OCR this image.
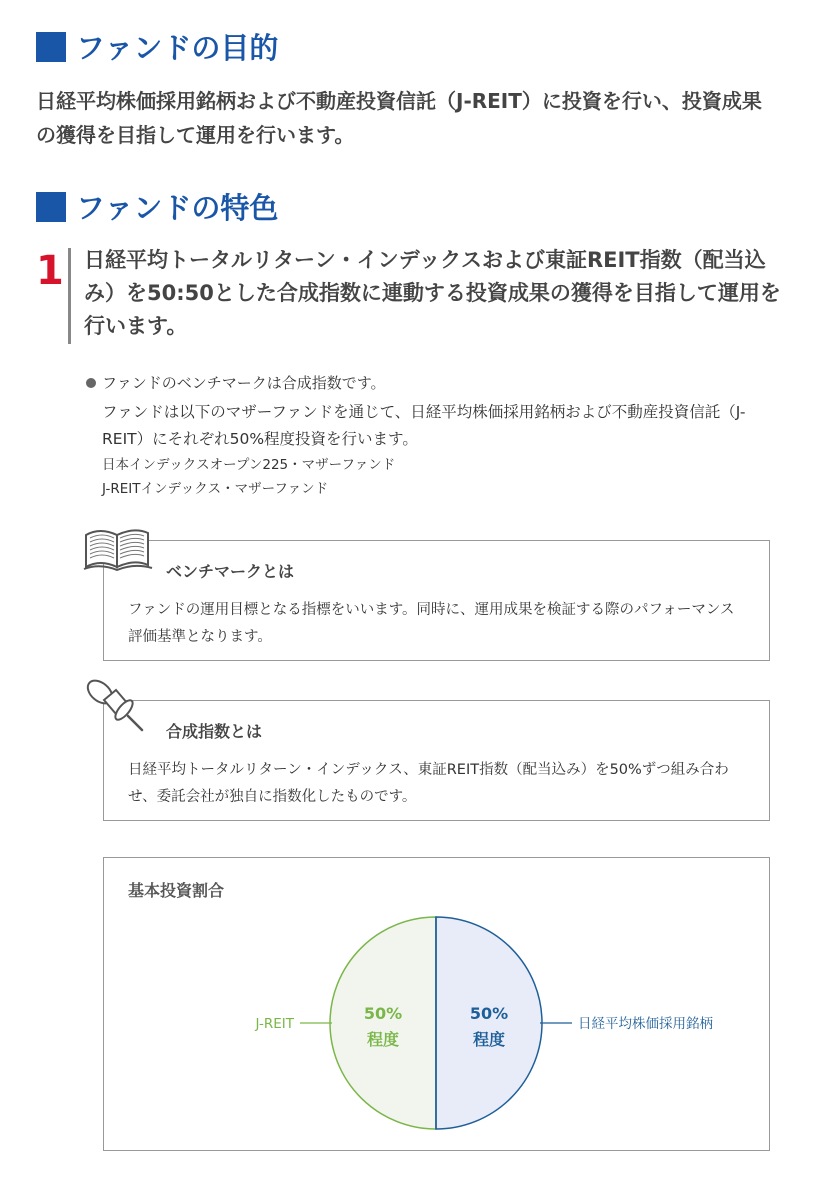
ファンドの目的
日経平均株価採用銘柄および不動産投資信託（J-REIT）に投資を行い、投資成果の獲得を目指して運用を行います。
ファンドの特色
1 日経平均トータルリターン・インデックスおよび東証REIT指数（配当込み）を50:50とした合成指数に連動する投資成果の獲得を目指して運用を行います。
ファンドのベンチマークは合成指数です。
ファンドは以下のマザーファンドを通じて、日経平均株価採用銘柄および不動産投資信託（J-REIT）にそれぞれ50%程度投資を行います。
日本インデックスオープン225・マザーファンド
J-REITインデックス・マザーファンド
ベンチマークとは
ファンドの運用目標となる指標をいいます。同時に、運用成果を検証する際のパフォーマンス評価基準となります。
合成指数とは
日経平均トータルリターン・インデックス、東証REIT指数（配当込み）を50%ずつ組み合わせ、委託会社が独自に指数化したものです。
基本投資割合
50%
程度
J-REIT
50%
程度
日経平均株価採用銘柄
